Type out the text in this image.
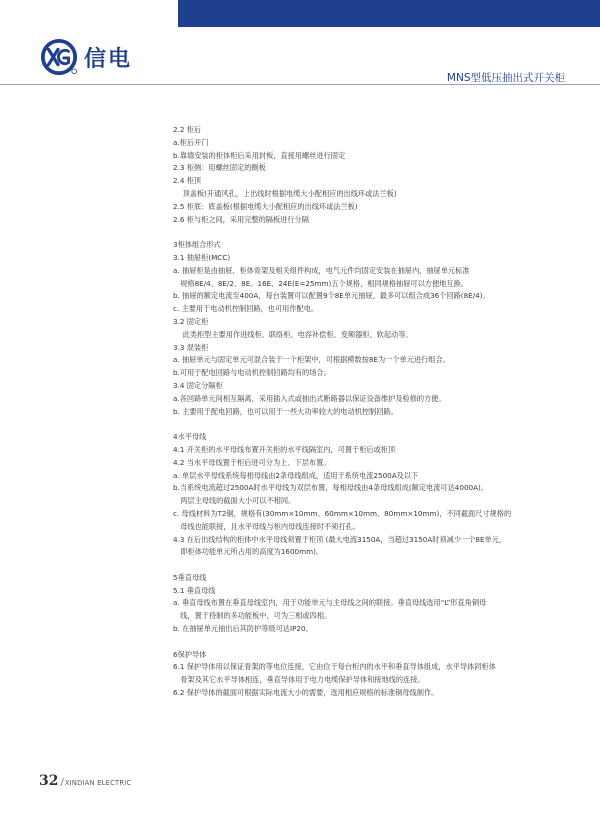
信电
MNS型低压抽出式开关柜
2.2 柜后
a.柜后开门
b.靠墙安装的柜体柜后采用封板，直接用螺丝进行固定
2.3 柜侧：用螺丝固定的侧板
2.4 柜顶
顶盖板(开通风孔，上出线时根据电缆大小配相应的出线环或法兰板)
2.5 柜底：底盖板(根据电缆大小配相应的出线环或法兰板)
2.6 柜与柜之间，采用完整的隔板进行分隔
3柜体组合形式
3.1 抽屉柜(MCC)
a. 抽屉柜是由抽屉、柜体骨架及相关组件构成，电气元件均固定安装在抽屉内，抽屉单元标准
规格8E/4、8E/2、8E、16E、24E(E=25mm)五个规格，相同规格抽屉可以方便地互换。
b. 抽屉的额定电流至400A，每台装置可以配置9个8E单元抽屉，最多可以组合成36个回路(8E/4)。
c. 主要用于电动机控制回路，也可用作配电。
3.2 固定柜
此类柜型主要用作进线柜、联络柜、电容补偿柜、变频器柜、软起动等。
3.3 混装柜
a. 抽屉单元与固定单元可混合装于一个柜架中，可根据模数按8E为一个单元进行组合。
b.可用于配电回路与电动机控制回路均有的场合。
3.4 固定分隔柜
a.各回路单元间相互隔离，采用插入式或抽出式断路器以保证设备维护及检修的方便。
b. 主要用于配电回路，也可以用于一些大功率较大的电动机控制回路。
4水平母线
4.1 开关柜的水平母线布置开关柜的水平线隔室内，可置于柜后或柜顶
4.2 当水平母线置于柜后进可分为上、下层布置。
a. 单层水平母线系统每相母线由2条母线组成，适用于系统电流2500A及以下
b.当系统电流超过2500A时水平母线为双层布置，每相母线由4条母线组成(额定电流可达4000A)。
两层主母线的截面大小可以不相同。
c. 母线材料为T2铜，规格有(30mm×10mm、60mm×10mm、80mm×10mm)，不同截面尺寸规格的
母线也能联接，且水平母线与柜内母线连接时不须打孔。
4.3 在后出线结构的柜体中水平母线须置于柜顶 (最大电流3150A，当超过3150A时须减少一个8E单元，
即柜体功能单元所占用的高度为1600mm)。
5垂直母线
5.1 垂直母线
a. 垂直母线布置在垂直母线室内，用于功能单元与主母线之间的联接。垂直母线选用“L”形直角铜母
线，置于持制的多功能板中，可为三相或四相。
b. 在抽屉单元抽出后其防护等级可达IP20。
6保护导体
6.1 保护导体用以保证骨架的等电位连接，它由位于每台柜内的水平和垂直导体组成，水平导体同柜体
骨架及其它水平导体相连，垂直导体用于电力电缆保护导体和接地线的连接。
6.2 保护导体的截面可根据实际电流大小的需要，选用相应规格的标准铜母线制作。
32 / XINDIAN ELECTRIC
